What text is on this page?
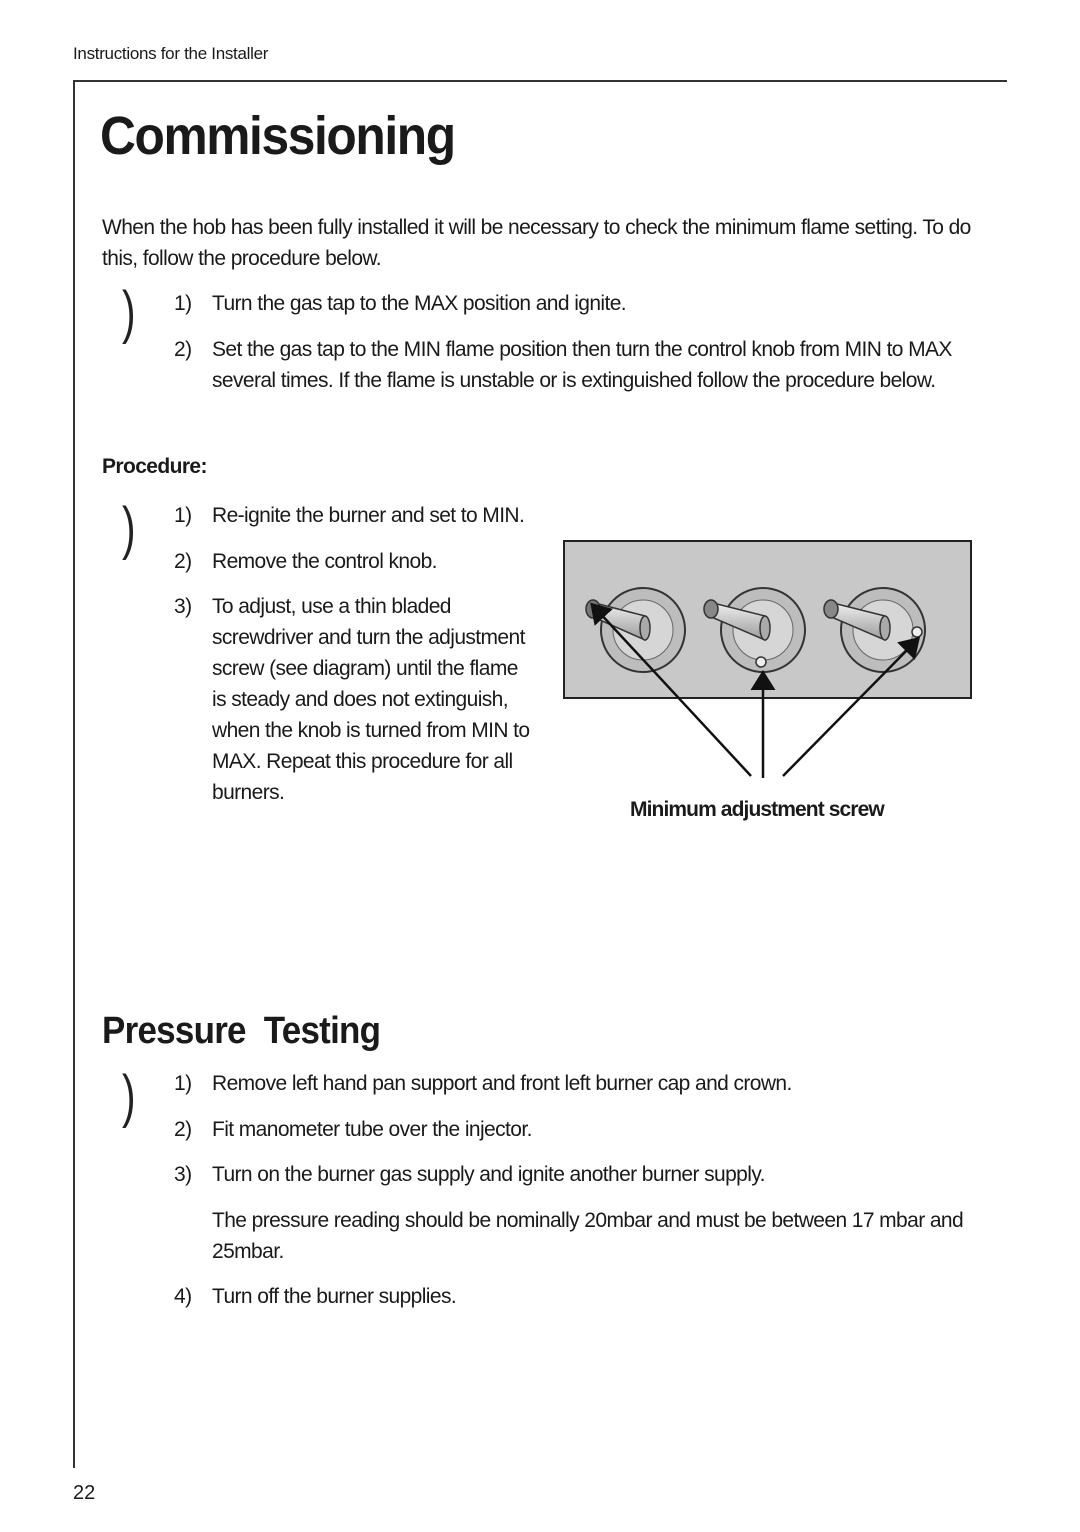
Instructions for the Installer
Commissioning
When the hob has been fully installed it will be necessary to check the minimum flame setting. To do this, follow the procedure below.
) 1) Turn the gas tap to the MAX position and ignite.
2) Set the gas tap to the MIN flame position then turn the control knob from MIN to MAX several times. If the flame is unstable or is extinguished follow the procedure below.
Procedure:
) 1) Re-ignite the burner and set to MIN.
2) Remove the control knob.
3) To adjust, use a thin bladed screwdriver and turn the adjustment screw (see diagram) until the flame is steady and does not extinguish, when the knob is turned from MIN to MAX. Repeat this procedure for all burners.
Minimum adjustment screw
Pressure  Testing
) 1) Remove left hand pan support and front left burner cap and crown.
2) Fit manometer tube over the injector.
3) Turn on the burner gas supply and ignite another burner supply.
The pressure reading should be nominally 20mbar and must be between 17 mbar and 25mbar.
4) Turn off the burner supplies.
22
